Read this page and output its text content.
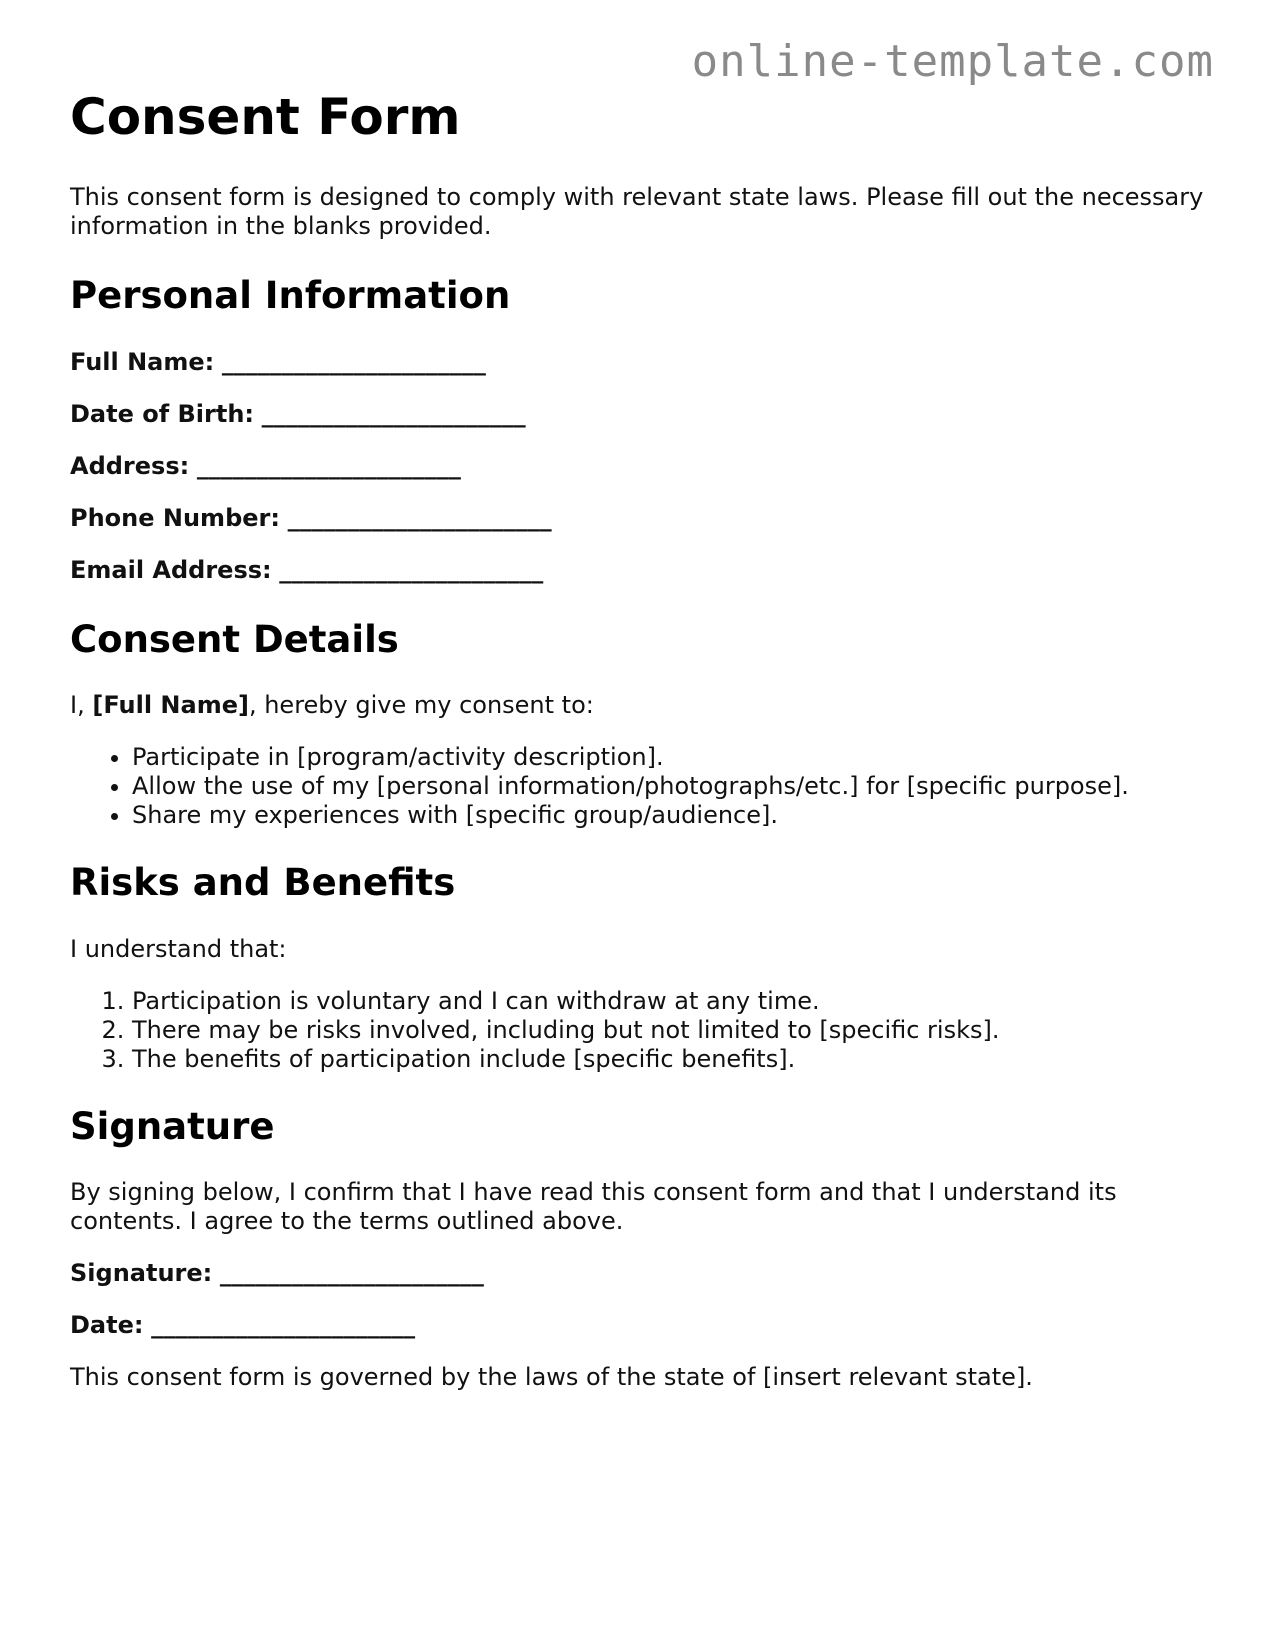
online-template.com
Consent Form

This consent form is designed to comply with relevant state laws. Please fill out the necessary information in the blanks provided.

Personal Information
Full Name: ______________________
Date of Birth: ______________________
Address: ______________________
Phone Number: ______________________
Email Address: ______________________
Consent Details

I, [Full Name], hereby give my consent to:

• Participate in [program/activity description].
• Allow the use of my [personal information/photographs/etc.] for [specific purpose].
• Share my experiences with [specific group/audience].
Risks and Benefits

I understand that:

1. Participation is voluntary and I can withdraw at any time.
2. There may be risks involved, including but not limited to [specific risks].
3. The benefits of participation include [specific benefits].
Signature

By signing below, I confirm that I have read this consent form and that I understand its contents. I agree to the terms outlined above.

Signature: ______________________
Date: ______________________

This consent form is governed by the laws of the state of [insert relevant state].
